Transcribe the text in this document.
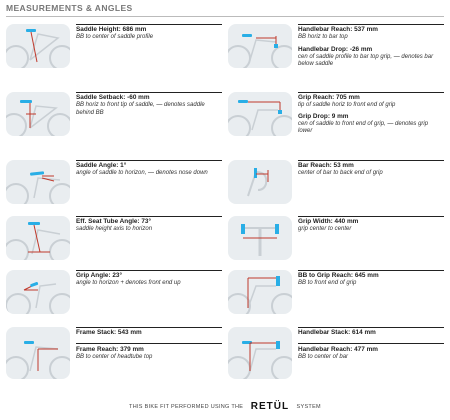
MEASUREMENTS & ANGLES
Saddle Height: 686 mm
BB to center of saddle profile
Saddle Setback: -60 mm
BB horiz to front tip of saddle, — denotes saddle behind BB
Saddle Angle: 1°
angle of saddle to horizon, — denotes nose down
Eff. Seat Tube Angle: 73°
saddle height axis to horizon
Grip Angle: 23°
angle to horizon + denotes front end up
Frame Stack: 543 mm
Frame Reach: 379 mm
BB to center of headtube top
Handlebar Reach: 537 mm
BB horiz to bar top
Handlebar Drop: -26 mm
cen of saddle profile to bar top grip, — denotes bar below saddle
Grip Reach: 705 mm
tip of saddle horiz to front end of grip
Grip Drop: 9 mm
cen of saddle to front end of grip, — denotes grip lower
Bar Reach: 53 mm
center of bar to back end of grip
Grip Width: 440 mm
grip center to center
BB to Grip Reach: 645 mm
BB to front end of grip
Handlebar Stack: 614 mm
Handlebar Reach: 477 mm
BB to center of bar
THIS BIKE FIT PERFORMED USING THE RETÜL SYSTEM
